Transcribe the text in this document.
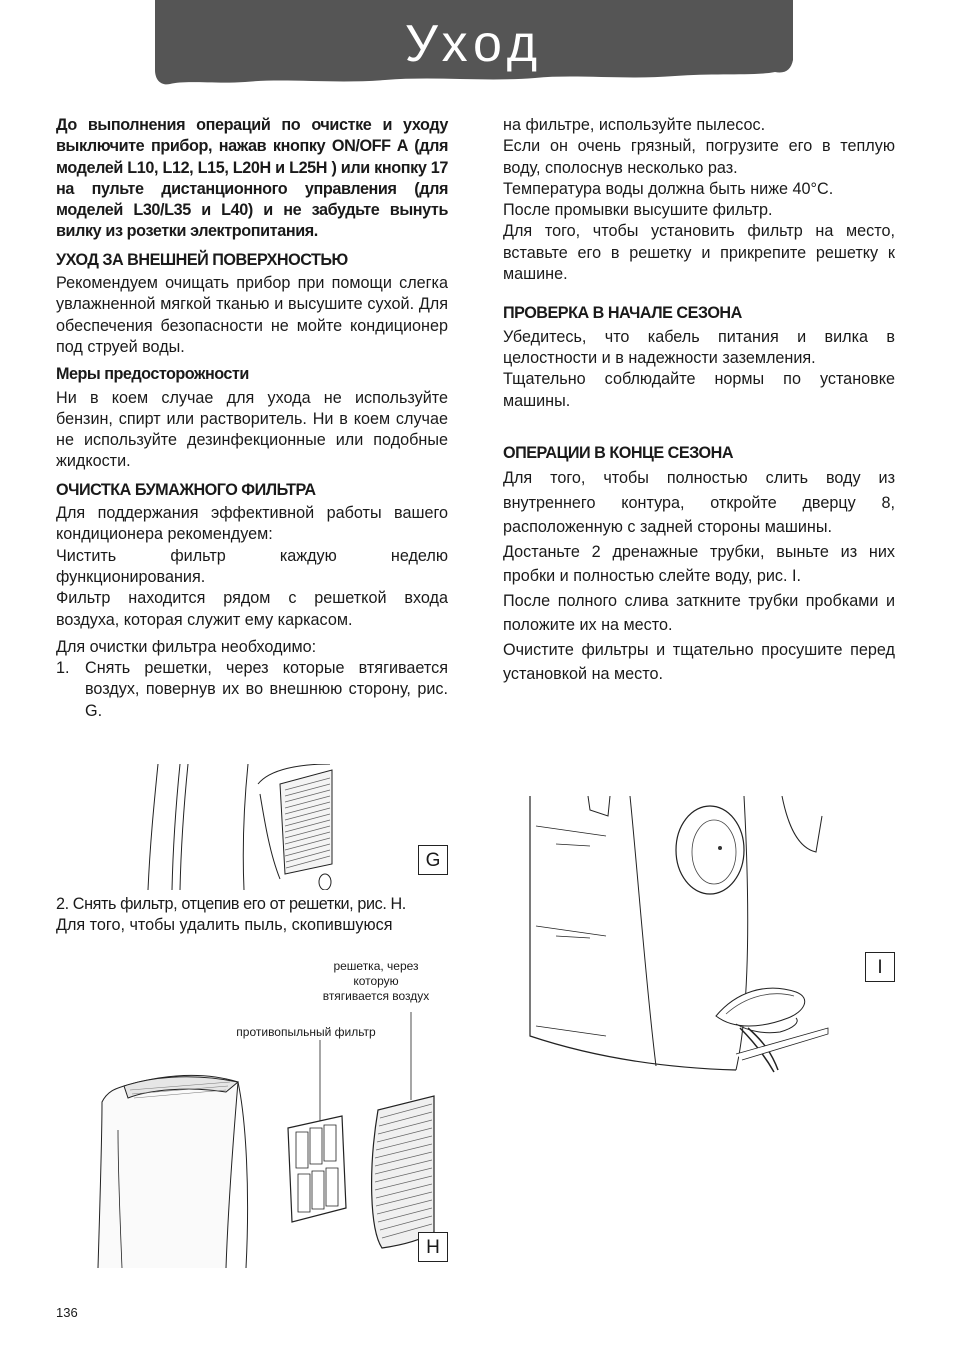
Уход

До выполнения операций по очистке и уходу выключите прибор, нажав кнопку ON/OFF A (для моделей L10, L12, L15, L20H и L25H ) или кнопку 17 на пульте дистанционного управления (для моделей L30/L35 и L40) и не забудьте вынуть вилку из розетки электропитания.

УХОД ЗА ВНЕШНЕЙ ПОВЕРХНОСТЬЮ

Рекомендуем очищать прибор при помощи слегка увлажненной мягкой тканью и высушите сухой. Для обеспечения безопасности не мойте кондиционер под струей воды.

Меры предосторожности

Ни в коем случае для ухода не используйте бензин, спирт или растворитель. Ни в коем случае не используйте дезинфекционные или подобные жидкости.

ОЧИСТКА БУМАЖНОГО ФИЛЬТРА

Для поддержания эффективной работы вашего кондиционера рекомендуем:

Чистить фильтр каждую неделю функционирования.

Фильтр находится рядом с решеткой входа воздуха, которая служит ему каркасом.

Для очистки фильтра необходимо:

1. Снять решетки, через которые втягивается воздух, повернув их во внешнюю сторону, рис. G.
G

2. Снять фильтр, отцепив его от решетки, рис. H.

Для того, чтобы удалить пыль, скопившуюся

решетка, через которую втягивается воздух
противопыльный фильтр
H

на фильтре, используйте пылесос.

Если он очень грязный, погрузите его в теплую воду, сполоснув несколько раз.

Температура воды должна быть ниже 40°C.

После промывки высушите фильтр.

Для того, чтобы установить фильтр на место, вставьте его в решетку и прикрепите решетку к машине.

ПРОВЕРКА В НАЧАЛЕ СЕЗОНА

Убедитесь, что кабель питания и вилка в целостности и в надежности заземления.

Тщательно соблюдайте нормы по установке машины.

ОПЕРАЦИИ В КОНЦЕ СЕЗОНА

Для того, чтобы полностью слить воду из внутреннего контура, откройте дверцу 8, расположенную с задней стороны машины.

Достаньте 2 дренажные трубки, выньте из них пробки и полностью слейте воду, рис. I.

После полного слива заткните трубки пробками и положите их на место.

Очистите фильтры и тщательно просушите перед установкой на место.

I
136
